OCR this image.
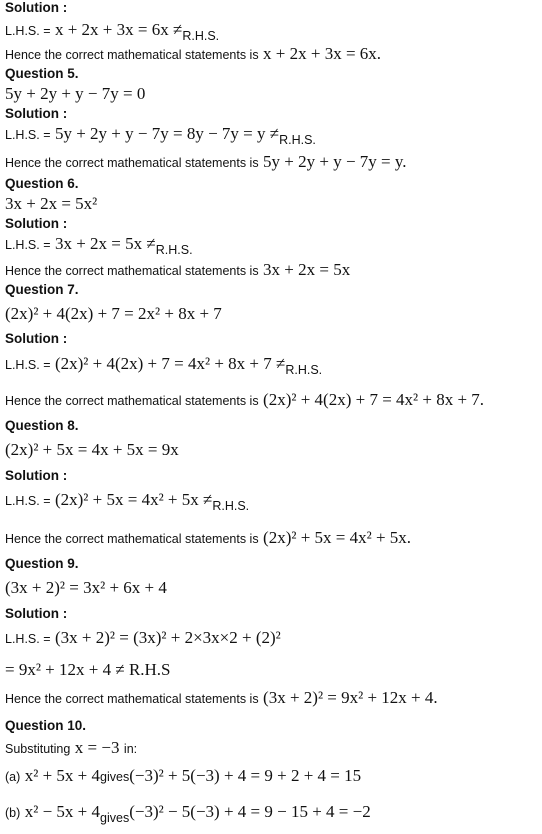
Solution :
L.H.S. = $x + 2x + 3x = 6x \ne_{R.H.S.}$
Hence the correct mathematical statements is x + 2x + 3x = 6x.
Question 5.
5y + 2y + y − 7y = 0
Solution :
L.H.S. = $5y + 2y + y - 7y = 8y - 7y = y \ne_{R.H.S.}$
Hence the correct mathematical statements is 5y + 2y + y − 7y = y.
Question 6.
3x + 2x = 5x²
Solution :
L.H.S. = $3x + 2x = 5x \ne_{R.H.S.}$
Hence the correct mathematical statements is 3x + 2x = 5x
Question 7.
(2x)² + 4(2x) + 7 = 2x² + 8x + 7
Solution :
L.H.S. = $(2x)^2 + 4(2x) + 7 = 4x^2 + 8x + 7 \ne_{R.H.S.}$
Hence the correct mathematical statements is (2x)² + 4(2x) + 7 = 4x² + 8x + 7.
Question 8.
(2x)² + 5x = 4x + 5x = 9x
Solution :
L.H.S. = $(2x)^2 + 5x = 4x^2 + 5x \ne_{R.H.S.}$
Hence the correct mathematical statements is (2x)² + 5x = 4x² + 5x.
Question 9.
(3x + 2)² = 3x² + 6x + 4
Solution :
L.H.S. = (3x + 2)² = (3x)² + 2×3x×2 + (2)²
= 9x² + 12x + 4 ≠ R.H.S
Hence the correct mathematical statements is (3x + 2)² = 9x² + 12x + 4.
Question 10.
Substituting x = −3 in:
(a) x² + 5x + 4gives(−3)² + 5(−3) + 4 = 9 + 2 + 4 = 15
(b) $x^2 - 5x + 4_{gives}(-3)^2 - 5(-3) + 4 = 9 - 15 + 4 = -2$
